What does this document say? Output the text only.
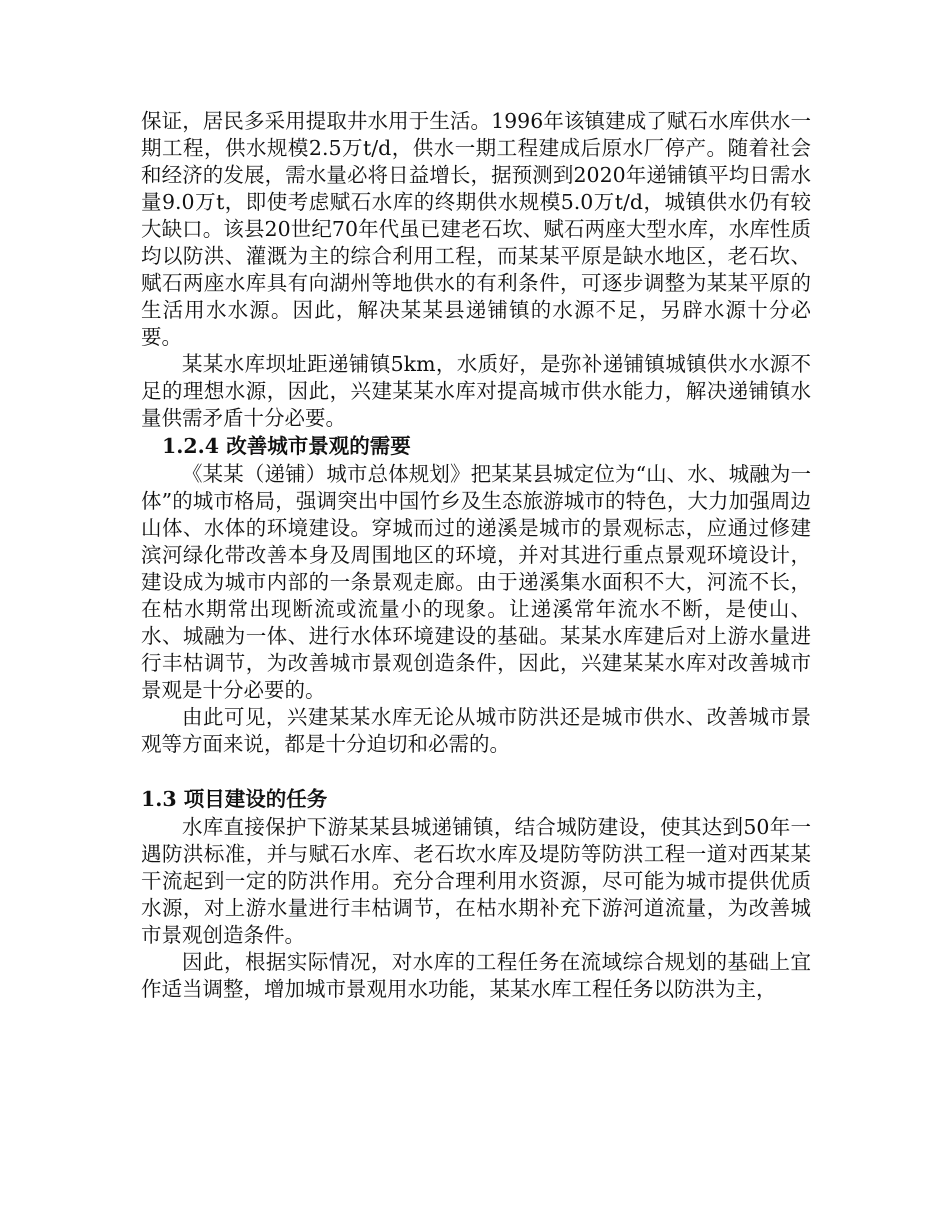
保证，居民多采用提取井水用于生活。1996年该镇建成了赋石水库供水一期工程，供水规模2.5万t/d，供水一期工程建成后原水厂停产。随着社会和经济的发展，需水量必将日益增长，据预测到2020年递铺镇平均日需水量9.0万t，即使考虑赋石水库的终期供水规模5.0万t/d，城镇供水仍有较大缺口。该县20世纪70年代虽已建老石坎、赋石两座大型水库，水库性质均以防洪、灌溉为主的综合利用工程，而某某平原是缺水地区，老石坎、赋石两座水库具有向湖州等地供水的有利条件，可逐步调整为某某平原的生活用水水源。因此，解决某某县递铺镇的水源不足，另辟水源十分必要。

某某水库坝址距递铺镇5km，水质好，是弥补递铺镇城镇供水水源不足的理想水源，因此，兴建某某水库对提高城市供水能力，解决递铺镇水量供需矛盾十分必要。

1.2.4 改善城市景观的需要

《某某（递铺）城市总体规划》把某某县城定位为“山、水、城融为一体”的城市格局，强调突出中国竹乡及生态旅游城市的特色，大力加强周边山体、水体的环境建设。穿城而过的递溪是城市的景观标志，应通过修建滨河绿化带改善本身及周围地区的环境，并对其进行重点景观环境设计，建设成为城市内部的一条景观走廊。由于递溪集水面积不大，河流不长，在枯水期常出现断流或流量小的现象。让递溪常年流水不断，是使山、水、城融为一体、进行水体环境建设的基础。某某水库建后对上游水量进行丰枯调节，为改善城市景观创造条件，因此，兴建某某水库对改善城市景观是十分必要的。

由此可见，兴建某某水库无论从城市防洪还是城市供水、改善城市景观等方面来说，都是十分迫切和必需的。

1.3 项目建设的任务

水库直接保护下游某某县城递铺镇，结合城防建设，使其达到50年一遇防洪标准，并与赋石水库、老石坎水库及堤防等防洪工程一道对西某某干流起到一定的防洪作用。充分合理利用水资源，尽可能为城市提供优质水源，对上游水量进行丰枯调节，在枯水期补充下游河道流量，为改善城市景观创造条件。

因此，根据实际情况，对水库的工程任务在流域综合规划的基础上宜作适当调整，增加城市景观用水功能，某某水库工程任务以防洪为主，
